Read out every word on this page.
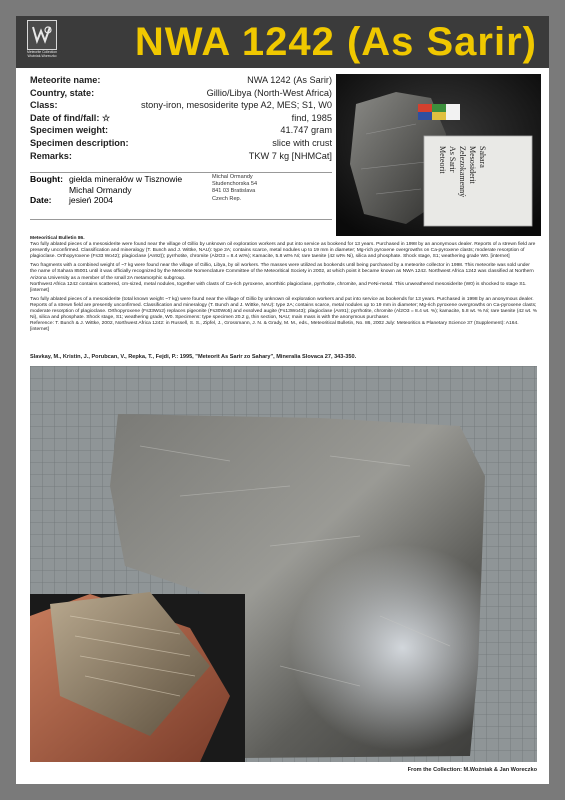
Meteorite Collection Woźniak-Woreczko NWA 1242 (As Sarir)
Meteorite name:	NWA 1242 (As Sarir)
Country, state:	Gillio/Libya (North-West Africa)
Class:	stony-iron, mesosiderite type A2, MES; S1, W0
Date of find/fall: ☆	find, 1985
Specimen weight:	41.747 gram
Specimen description:	slice with crust
Remarks:	TKW 7 kg [NHMCat]	Meteorit As Sarir Zelezokamenný Mesosiderit Sahara
Bought: giełda minerałów w Tisznowie
Michal Ormandy
Date: jesień 2004
Michal Ormandy
Studenchorska 54
841 03 Bratislava
Czech Rep.

Meteoritical Bulletin 86.
Two fully ablated pieces of a mesosiderite were found near the village of Gillio by unknown oil exploration workers and put into service as bookend for 13 years. Purchased in 1998 by an anonymous dealer. Reports of a strewn field are presently unconfirmed. Classification and mineralogy (T. Bunch and J. Wittke, NAU): type 2A; contains scarce, metal nodules up to 19 mm in diameter; Mg-rich pyroxene overgrowths on Ca-pyroxene clasts; moderate resorption of plagioclase. Orthopyroxene (Fs33 Wo42); plagioclase (An92)); pyrrhotite, chromite (Al2O3 = 8.4 wt%); Kamacite, 5.8 wt% Ni; rare taenite (42 wt% Ni), silica and phosphate. Shock stage, S1; weathering grade W0. [internet]

Two fragments with a combined weight of ~7 kg were found near the village of Gillio, Libya, by oil workers. The masses were utilized as bookends until being purchased by a meteorite collector in 1998. This meteorite was sold under the name of Sahara 85001 until it was officially recognized by the Meteorite Nomenclature Committee of the Meteoritical Society in 2002, at which point it became known as NWA 1242. Northwest Africa 1242 was classified at Northern Arizona University as a member of the small 2A metamorphic subgroup.
Northwest Africa 1242 contains scattered, cm-sized, metal nodules, together with clasts of Ca-rich pyroxene, anorthitic plagioclase, pyrrhotite, chromite, and FeNi-metal. This unweathered mesosiderite (W0) is shocked to stage S1. [internet]

Two fully ablated pieces of a mesosiderite (total known weight ~7 kg) were found near the village of Gillio by unknown oil exploration workers and put into service as bookends for 13 years. Purchased in 1998 by an anonymous dealer. Reports of a strewn field are presently unconfirmed. Classification and mineralogy (T. Bunch and J. Wittke, NAU): type 2A; contains scarce, metal nodules up to 19 mm in diameter; Mg-rich pyroxene overgrowths on Ca-pyroxene clasts; moderate resorption of plagioclase. Orthopyroxene (Fs33Wo2) replaces pigeonite (Fs30Wo5) and exsolved augite (Fs13Wo43); plagioclase (An91); pyrrhotite, chromite (Al2O3 = 8.4 wt. %); kamacite, 5.8 wt. % Ni; rare taenite (42 wt. % Ni), silica and phosphate. Shock stage, S1; weathering grade, W0. Specimens: type specimen 20.2 g, thin section, NAU; main mass is with the anonymous purchaser.
Reference: T. Bunch & J. Wittke, 2002, Northwest Africa 1242: in Russell, S. S., Zipfel, J., Grossmann, J. N. & Grady, M. M., eds., Meteoritical Bulletin, No. 86, 2002 July: Meteoritics & Planetary Science 37 (Supplement): A164. [internet]

Slavkay, M., Kristin, J., Porubcan, V., Repka, T., Fejdi, P.: 1995, "Meteorit As Sarir zo Sahary", Mineralia Slovaca 27, 343-350.
From the Collection: M.Woźniak & Jan Woreczko
